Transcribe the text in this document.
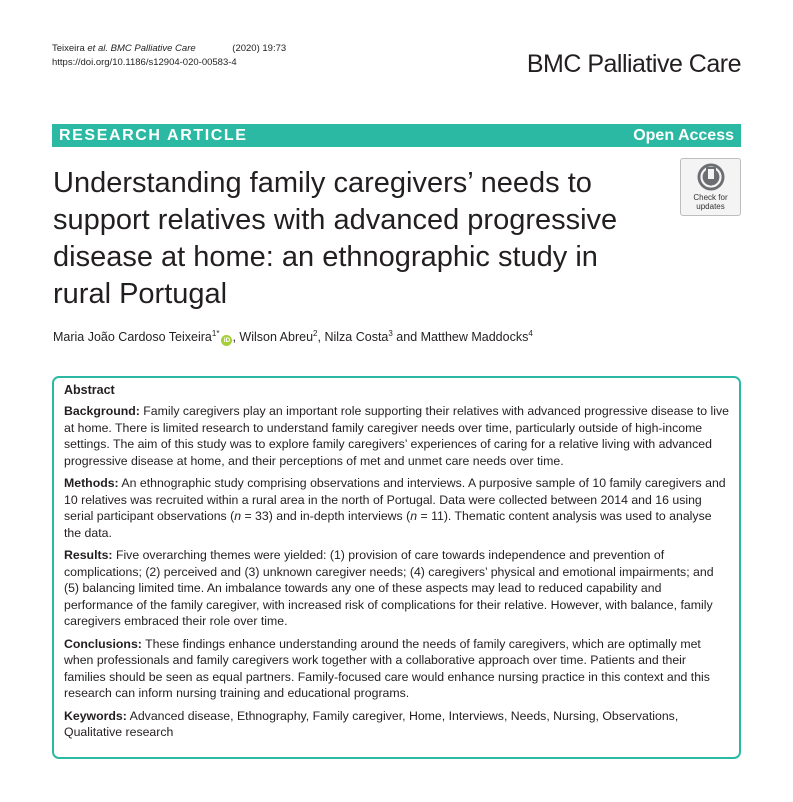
Teixeira et al. BMC Palliative Care	(2020) 19:73
https://doi.org/10.1186/s12904-020-00583-4	BMC Palliative Care
RESEARCH ARTICLE	Open Access
Understanding family caregivers’ needs to support relatives with advanced progressive disease at home: an ethnographic study in rural Portugal
Check for updates
Maria João Cardoso Teixeira$^{1*}$iD , Wilson Abreu$^2$, Nilza Costa$^3$ and Matthew Maddocks$^4$
Abstract

Background: Family caregivers play an important role supporting their relatives with advanced progressive disease to live at home. There is limited research to understand family caregiver needs over time, particularly outside of high-income settings. The aim of this study was to explore family caregivers’ experiences of caring for a relative living with advanced progressive disease at home, and their perceptions of met and unmet care needs over time.

Methods: An ethnographic study comprising observations and interviews. A purposive sample of 10 family caregivers and 10 relatives was recruited within a rural area in the north of Portugal. Data were collected between 2014 and 16 using serial participant observations (n = 33) and in-depth interviews (n = 11). Thematic content analysis was used to analyse the data.

Results: Five overarching themes were yielded: (1) provision of care towards independence and prevention of complications; (2) perceived and (3) unknown caregiver needs; (4) caregivers’ physical and emotional impairments; and (5) balancing limited time. An imbalance towards any one of these aspects may lead to reduced capability and performance of the family caregiver, with increased risk of complications for their relative. However, with balance, family caregivers embraced their role over time.

Conclusions: These findings enhance understanding around the needs of family caregivers, which are optimally met when professionals and family caregivers work together with a collaborative approach over time. Patients and their families should be seen as equal partners. Family-focused care would enhance nursing practice in this context and this research can inform nursing training and educational programs.

Keywords: Advanced disease, Ethnography, Family caregiver, Home, Interviews, Needs, Nursing, Observations, Qualitative research
